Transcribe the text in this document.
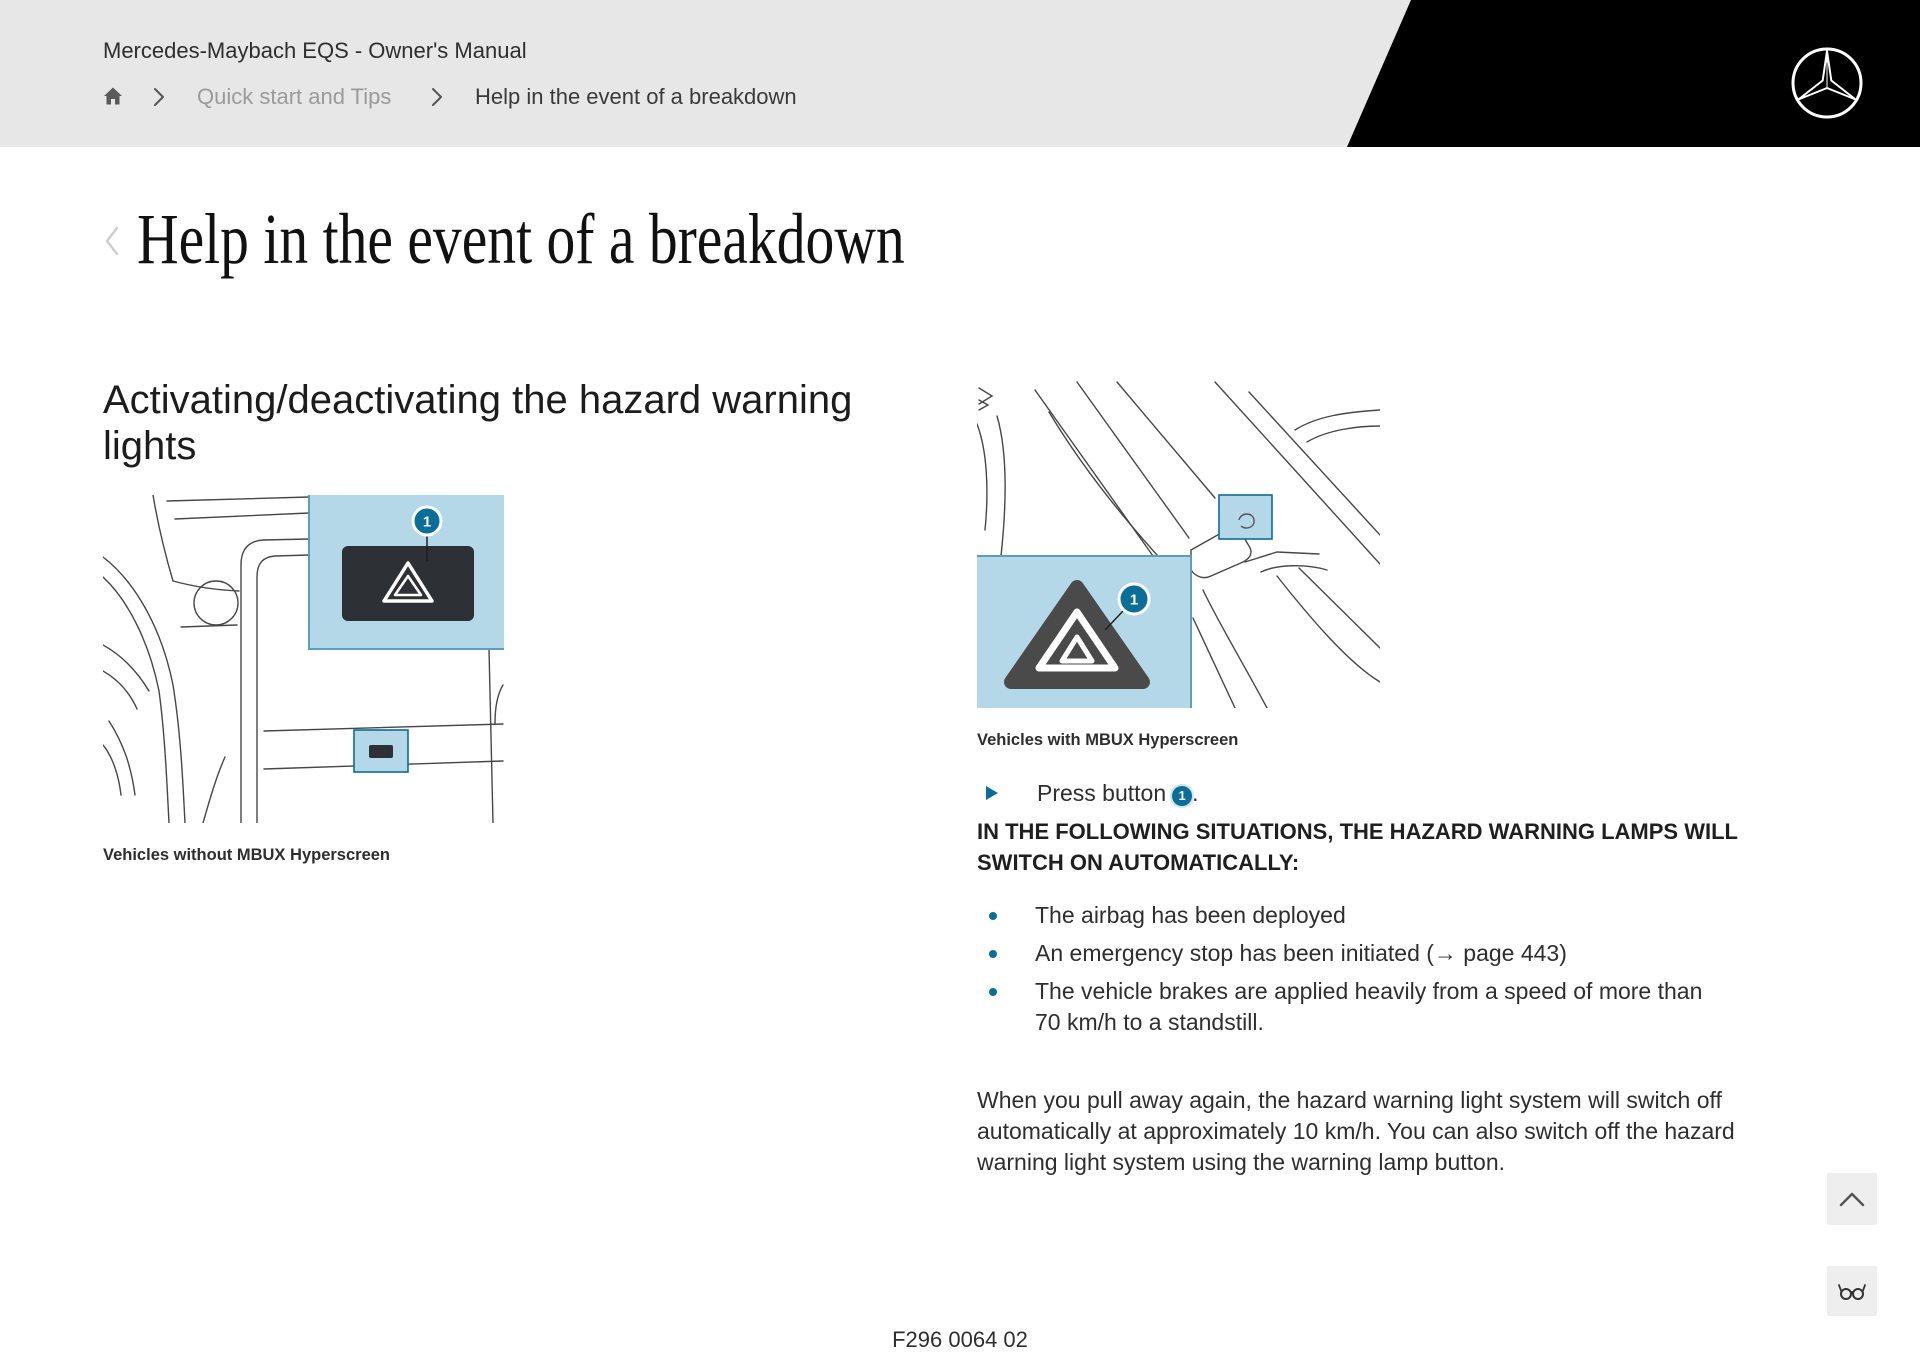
Mercedes-Maybach EQS - Owner's Manual
Quick start and Tips	Help in the event of a breakdown
Help in the event of a breakdown
Activating/deactivating the hazard warning lights
1
Vehicles without MBUX Hyperscreen
1
Vehicles with MBUX Hyperscreen
Press button 1 .
IN THE FOLLOWING SITUATIONS, THE HAZARD WARNING LAMPS WILL SWITCH ON AUTOMATICALLY:
The airbag has been deployed
An emergency stop has been initiated (→ page 443)
The vehicle brakes are applied heavily from a speed of more than 70 km/h to a standstill.

When you pull away again, the hazard warning light system will switch off automatically at approximately 10 km/h. You can also switch off the hazard warning light system using the warning lamp button.

F296 0064 02
